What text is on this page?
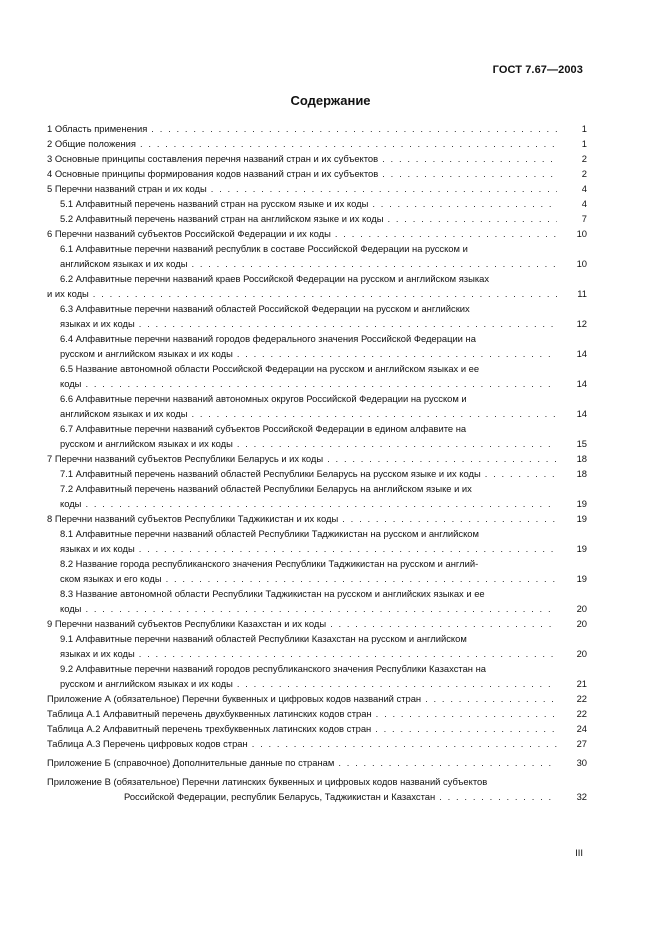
ГОСТ 7.67—2003
Содержание
1 Область применения . . .	1
2 Общие положения . . .	1
3 Основные принципы составления перечня названий стран и их субъектов . . .	2
4 Основные принципы формирования кодов названий стран и их субъектов . . .	2
5 Перечни названий стран и их коды . . .	4
5.1 Алфавитный перечень названий стран на русском языке и их коды . . .	4
5.2 Алфавитный перечень названий стран на английском языке и их коды . . .	7
6 Перечни названий субъектов Российской Федерации и их коды . . .	10
6.1 Алфавитные перечни названий республик в составе Российской Федерации на русском и
английском языках и их коды . . .	10
6.2 Алфавитные перечни названий краев Российской Федерации на русском и английском языках
и их коды . . .	11
6.3 Алфавитные перечни названий областей Российской Федерации на русском и английских
языках и их коды . . .	12
6.4 Алфавитные перечни названий городов федерального значения Российской Федерации на
русском и английском языках и их коды . . .	14
6.5 Название автономной области Российской Федерации на русском и английском языках и ее
коды . . .	14
6.6 Алфавитные перечни названий автономных округов Российской Федерации на русском и
английском языках и их коды . . .	14
6.7 Алфавитные перечни названий субъектов Российской Федерации в едином алфавите на
русском и английском языках и их коды . . .	15
7 Перечни названий субъектов Республики Беларусь и их коды . . .	18
7.1 Алфавитный перечень названий областей Республики Беларусь на русском языке и их коды . . .	18
7.2 Алфавитный перечень названий областей Республики Беларусь на английском языке и их
коды . . .	19
8 Перечни названий субъектов Республики Таджикистан и их коды . . .	19
8.1 Алфавитные перечни названий областей Республики Таджикистан на русском и английском
языках и их коды . . .	19
8.2 Название города республиканского значения Республики Таджикистан на русском и англий-
ском языках и его коды . . .	19
8.3 Название автономной области Республики Таджикистан на русском и английских языках и ее
коды . . .	20
9 Перечни названий субъектов Республики Казахстан и их коды . . .	20
9.1 Алфавитные перечни названий областей Республики Казахстан на русском и английском
языках и их коды . . .	20
9.2 Алфавитные перечни названий городов республиканского значения Республики Казахстан на
русском и английском языках и их коды . . .	21
Приложение А (обязательное) Перечни буквенных и цифровых кодов названий стран . . .	22
Таблица А.1 Алфавитный перечень двухбуквенных латинских кодов стран . . .	22
Таблица А.2 Алфавитный перечень трехбуквенных латинских кодов стран . . .	24
Таблица А.3 Перечень цифровых кодов стран . . .	27
Приложение Б (справочное) Дополнительные данные по странам . . .	30
Приложение В (обязательное) Перечни латинских буквенных и цифровых кодов названий субъектов
Российской Федерации, республик Беларусь, Таджикистан и Казахстан . . .	32
III
